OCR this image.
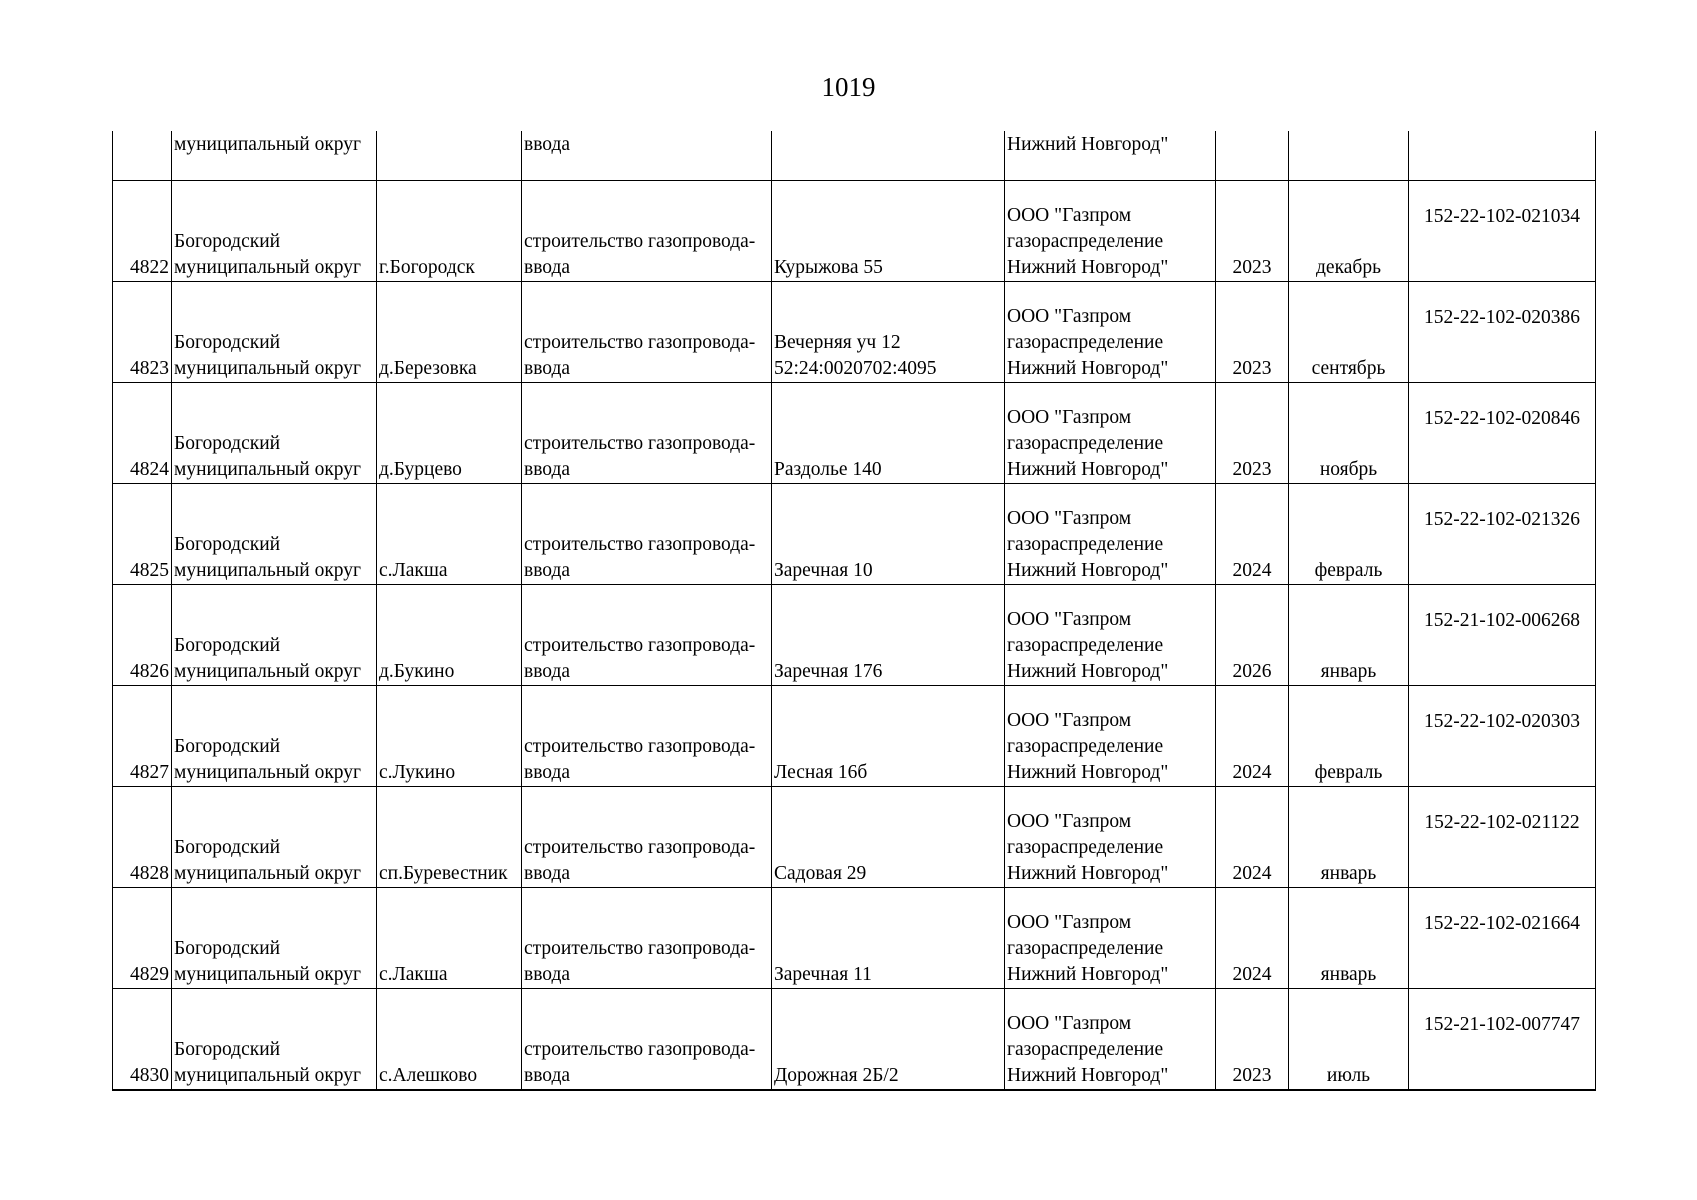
1019
	муниципальный округ		ввода		Нижний Новгород"			
4822	Богородский
муниципальный округ	г.Богородск	строительство газопровода-
ввода	Курыжова 55	ООО "Газпром
газораспределение
Нижний Новгород"	2023	декабрь	152-22-102-021034
4823	Богородский
муниципальный округ	д.Березовка	строительство газопровода-
ввода	Вечерняя уч 12
52:24:0020702:4095	ООО "Газпром
газораспределение
Нижний Новгород"	2023	сентябрь	152-22-102-020386
4824	Богородский
муниципальный округ	д.Бурцево	строительство газопровода-
ввода	Раздолье 140	ООО "Газпром
газораспределение
Нижний Новгород"	2023	ноябрь	152-22-102-020846
4825	Богородский
муниципальный округ	с.Лакша	строительство газопровода-
ввода	Заречная 10	ООО "Газпром
газораспределение
Нижний Новгород"	2024	февраль	152-22-102-021326
4826	Богородский
муниципальный округ	д.Букино	строительство газопровода-
ввода	Заречная 176	ООО "Газпром
газораспределение
Нижний Новгород"	2026	январь	152-21-102-006268
4827	Богородский
муниципальный округ	с.Лукино	строительство газопровода-
ввода	Лесная 16б	ООО "Газпром
газораспределение
Нижний Новгород"	2024	февраль	152-22-102-020303
4828	Богородский
муниципальный округ	сп.Буревестник	строительство газопровода-
ввода	Садовая 29	ООО "Газпром
газораспределение
Нижний Новгород"	2024	январь	152-22-102-021122
4829	Богородский
муниципальный округ	с.Лакша	строительство газопровода-
ввода	Заречная 11	ООО "Газпром
газораспределение
Нижний Новгород"	2024	январь	152-22-102-021664
4830	Богородский
муниципальный округ	с.Алешково	строительство газопровода-
ввода	Дорожная 2Б/2	ООО "Газпром
газораспределение
Нижний Новгород"	2023	июль	152-21-102-007747
